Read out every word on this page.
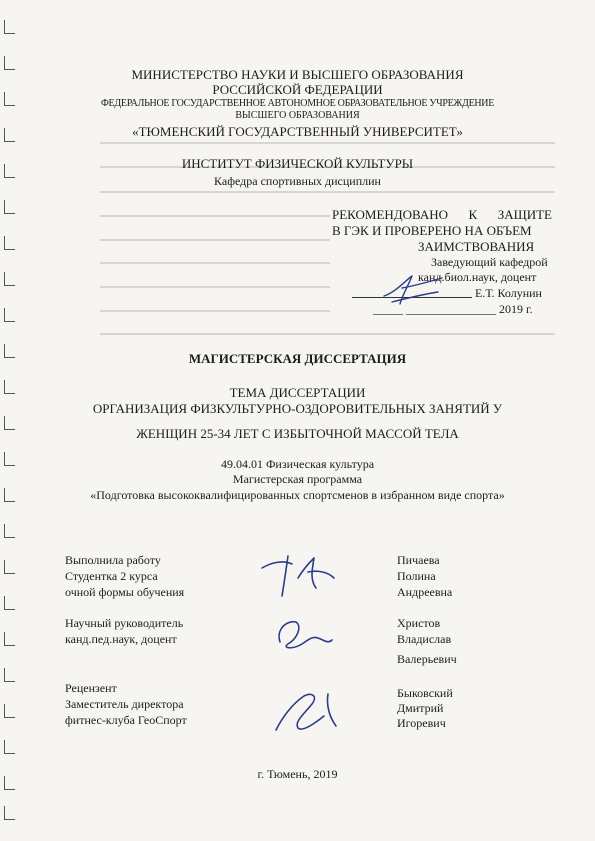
МИНИСТЕРСТВО НАУКИ И ВЫСШЕГО ОБРАЗОВАНИЯ
РОССИЙСКОЙ ФЕДЕРАЦИИ
ФЕДЕРАЛЬНОЕ ГОСУДАРСТВЕННОЕ АВТОНОМНОЕ ОБРАЗОВАТЕЛЬНОЕ УЧРЕЖДЕНИЕ
ВЫСШЕГО ОБРАЗОВАНИЯ
«ТЮМЕНСКИЙ ГОСУДАРСТВЕННЫЙ УНИВЕРСИТЕТ»
ИНСТИТУТ ФИЗИЧЕСКОЙ КУЛЬТУРЫ
Кафедра спортивных дисциплин
РЕКОМЕНДОВАНО К ЗАЩИТЕ
В ГЭК И ПРОВЕРЕНО НА ОБЪЕМ
ЗАИМСТВОВАНИЯ
Заведующий кафедрой
канд.биол.наук, доцент
Е.Т. Колунин
_____ _______________ 2019 г.
МАГИСТЕРСКАЯ ДИССЕРТАЦИЯ
ТЕМА ДИССЕРТАЦИИ
ОРГАНИЗАЦИЯ ФИЗКУЛЬТУРНО-ОЗДОРОВИТЕЛЬНЫХ ЗАНЯТИЙ У
ЖЕНЩИН 25-34 ЛЕТ С ИЗБЫТОЧНОЙ МАССОЙ ТЕЛА
49.04.01 Физическая культура
Магистерская программа
«Подготовка высококвалифицированных спортсменов в избранном виде спорта»
Выполнила работу
Студентка 2 курса
очной формы обучения
Пичаева
Полина
Андреевна
Научный руководитель
канд.пед.наук, доцент
Христов
Владислав
Валерьевич
Рецензент
Заместитель директора
фитнес-клуба ГеоСпорт
Быковский
Дмитрий
Игоревич
г. Тюмень, 2019
